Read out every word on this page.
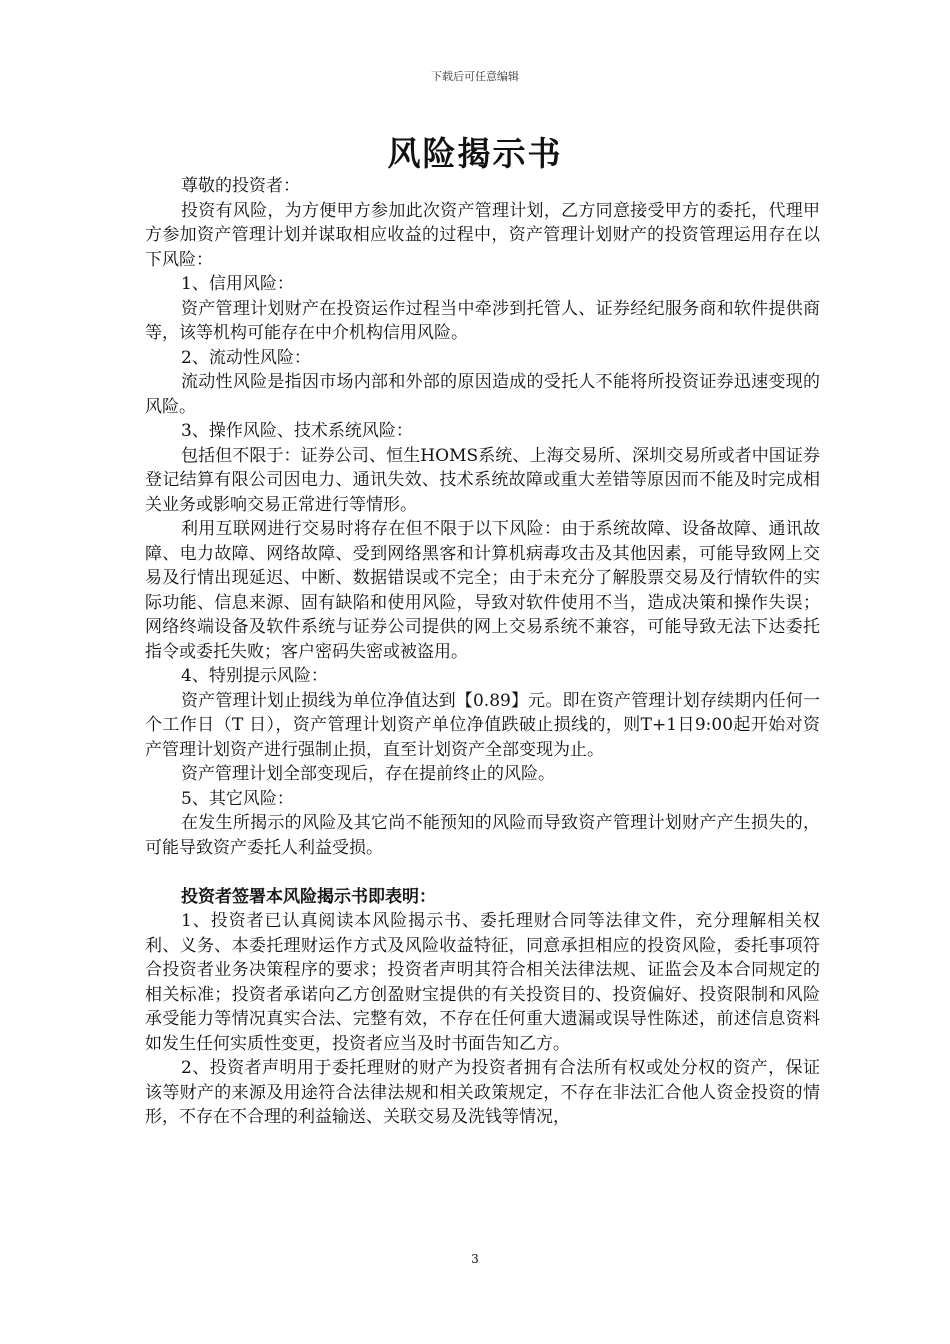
下载后可任意编辑
风险揭示书

尊敬的投资者：

投资有风险，为方便甲方参加此次资产管理计划，乙方同意接受甲方的委托，代理甲方参加资产管理计划并谋取相应收益的过程中，资产管理计划财产的投资管理运用存在以下风险：

1、信用风险：

资产管理计划财产在投资运作过程当中牵涉到托管人、证券经纪服务商和软件提供商等，该等机构可能存在中介机构信用风险。

2、流动性风险：

流动性风险是指因市场内部和外部的原因造成的受托人不能将所投资证券迅速变现的风险。

3、操作风险、技术系统风险：

包括但不限于：证券公司、恒生HOMS系统、上海交易所、深圳交易所或者中国证券登记结算有限公司因电力、通讯失效、技术系统故障或重大差错等原因而不能及时完成相关业务或影响交易正常进行等情形。

利用互联网进行交易时将存在但不限于以下风险：由于系统故障、设备故障、通讯故障、电力故障、网络故障、受到网络黑客和计算机病毒攻击及其他因素，可能导致网上交易及行情出现延迟、中断、数据错误或不完全；由于未充分了解股票交易及行情软件的实际功能、信息来源、固有缺陷和使用风险，导致对软件使用不当，造成决策和操作失误；网络终端设备及软件系统与证券公司提供的网上交易系统不兼容，可能导致无法下达委托指令或委托失败；客户密码失密或被盗用。

4、特别提示风险：

资产管理计划止损线为单位净值达到【0.89】元。即在资产管理计划存续期内任何一个工作日（T 日），资产管理计划资产单位净值跌破止损线的，则T+1日9:00起开始对资产管理计划资产进行强制止损，直至计划资产全部变现为止。

资产管理计划全部变现后，存在提前终止的风险。

5、其它风险：

在发生所揭示的风险及其它尚不能预知的风险而导致资产管理计划财产产生损失的，可能导致资产委托人利益受损。

投资者签署本风险揭示书即表明：

1、投资者已认真阅读本风险揭示书、委托理财合同等法律文件，充分理解相关权利、义务、本委托理财运作方式及风险收益特征，同意承担相应的投资风险，委托事项符合投资者业务决策程序的要求；投资者声明其符合相关法律法规、证监会及本合同规定的相关标准；投资者承诺向乙方创盈财宝提供的有关投资目的、投资偏好、投资限制和风险承受能力等情况真实合法、完整有效，不存在任何重大遗漏或误导性陈述，前述信息资料如发生任何实质性变更，投资者应当及时书面告知乙方。

2、投资者声明用于委托理财的财产为投资者拥有合法所有权或处分权的资产，保证该等财产的来源及用途符合法律法规和相关政策规定，不存在非法汇合他人资金投资的情形，不存在不合理的利益输送、关联交易及洗钱等情况，

3
